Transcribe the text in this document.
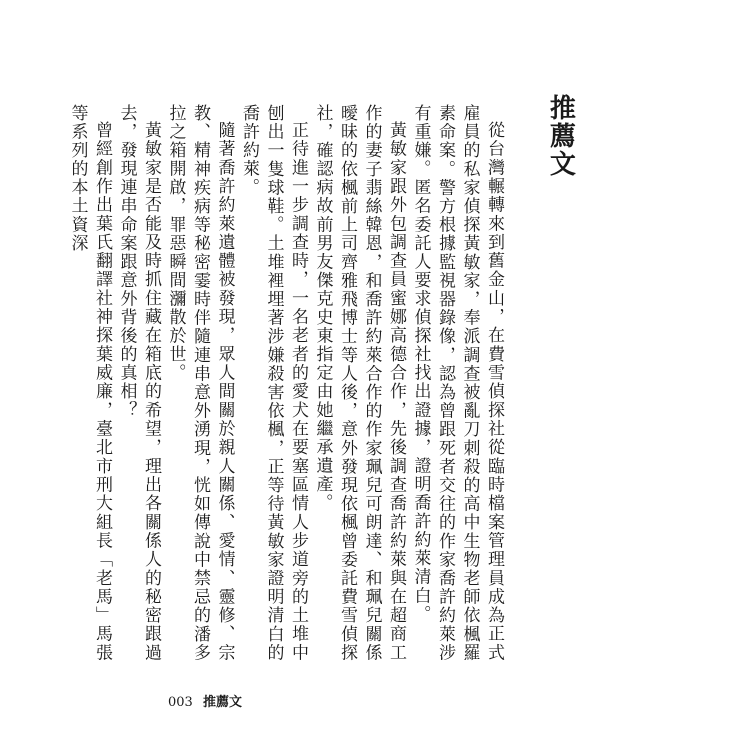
推薦文

從台灣輾轉來到舊金山，在費雪偵探社從臨時檔案管理員成為正式雇員的私家偵探黃敏家，奉派調查被亂刀刺殺的高中生物老師依楓羅素命案。警方根據監視器錄像，認為曾跟死者交往的作家喬許約萊涉有重嫌。匿名委託人要求偵探社找出證據，證明喬許約萊清白。

黃敏家跟外包調查員蜜娜高德合作，先後調查喬許約萊與在超商工作的妻子翡絲韓恩，和喬許約萊合作的作家珮兒可朗達、和珮兒關係曖昧的依楓前上司齊雅飛博士等人後，意外發現依楓曾委託費雪偵探社，確認病故前男友傑克史東指定由她繼承遺產。

正待進一步調查時，一名老者的愛犬在要塞區情人步道旁的土堆中刨出一隻球鞋。土堆裡埋著涉嫌殺害依楓，正等待黃敏家證明清白的喬許約萊。

隨著喬許約萊遺體被發現，眾人間關於親人關係、愛情、靈修、宗教、精神疾病等秘密霎時伴隨連串意外湧現，恍如傳說中禁忌的潘多拉之箱開啟，罪惡瞬間瀰散於世。

黃敏家是否能及時抓住藏在箱底的希望，理出各關係人的秘密跟過去，發現連串命案跟意外背後的真相？

曾經創作出葉氏翻譯社神探葉威廉，臺北市刑大組長「老馬」馬張等系列的本土資深

003 推薦文
